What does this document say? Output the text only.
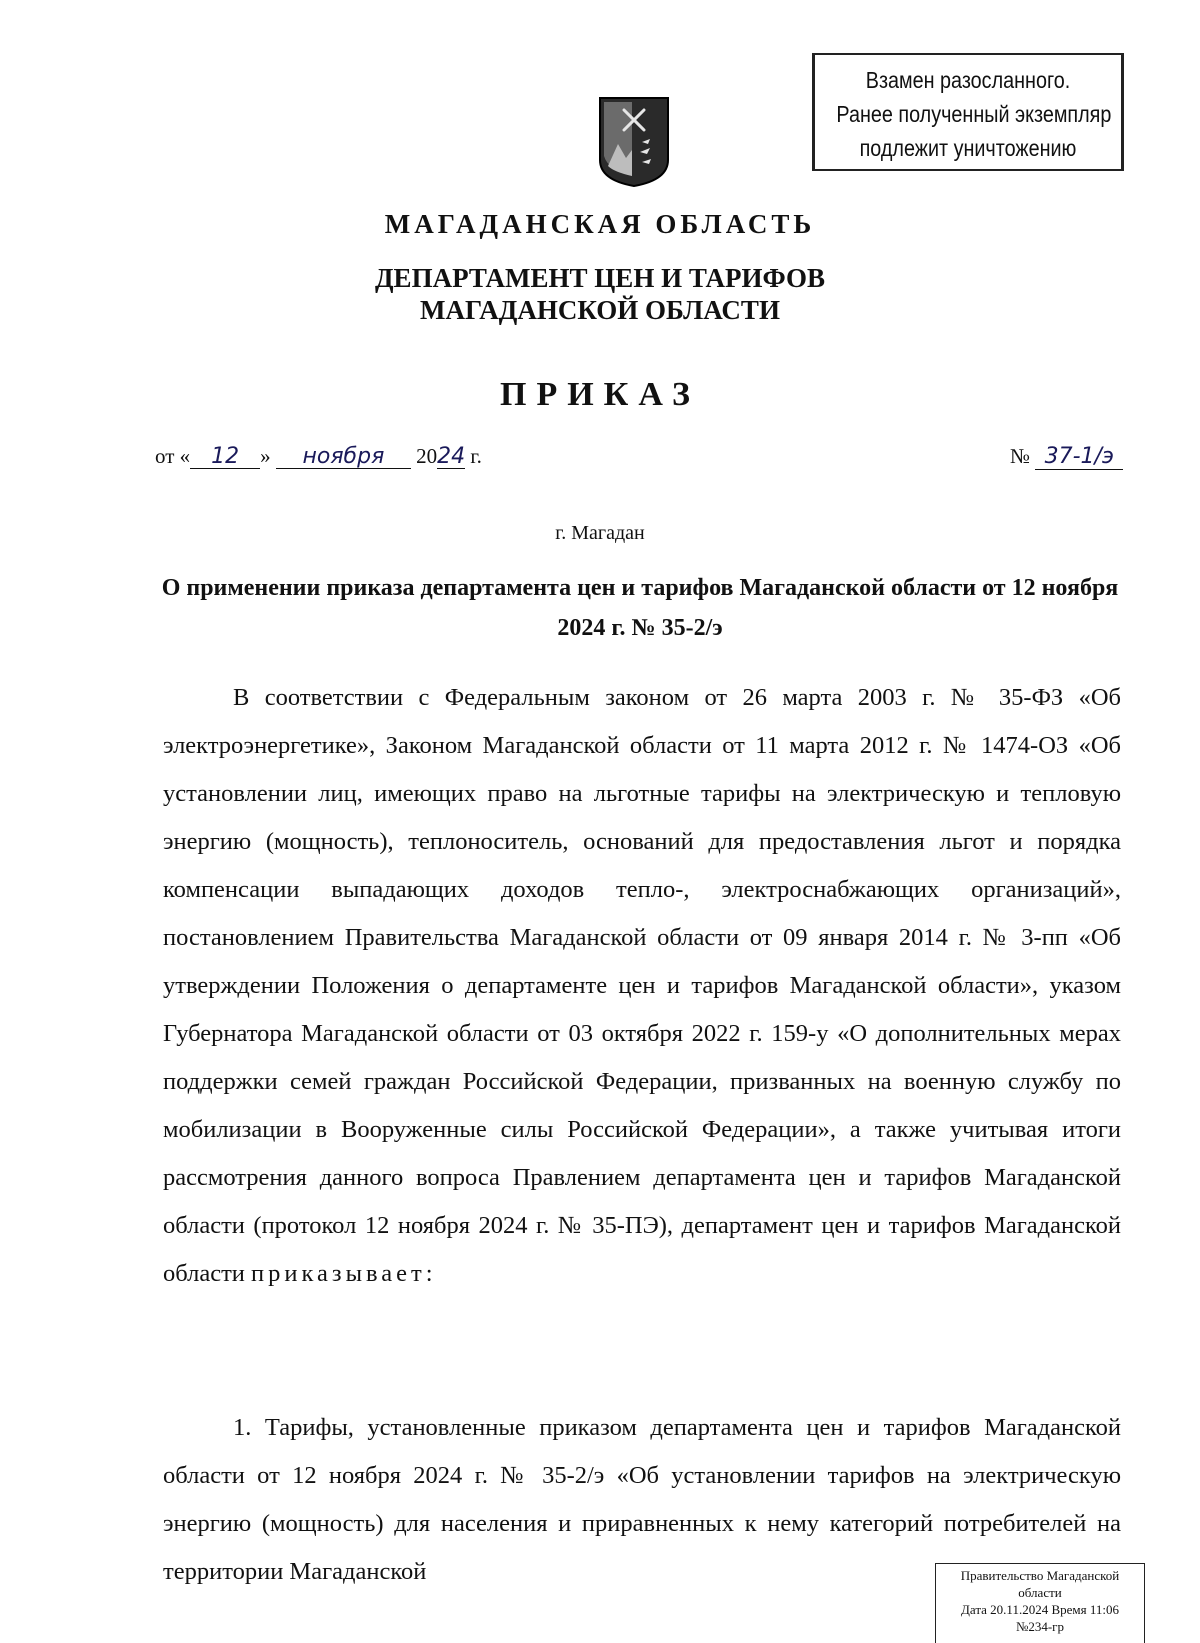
Взамен разосланного.
Ранее полученный экземпляр
подлежит уничтожению
МАГАДАНСКАЯ ОБЛАСТЬ
ДЕПАРТАМЕНТ ЦЕН И ТАРИФОВ
МАГАДАНСКОЙ ОБЛАСТИ
ПРИКАЗ
от « 12 » ноября 2024 г.	№ 37-1/э
г. Магадан
О применении приказа департамента цен и тарифов Магаданской области от 12 ноября 2024 г. № 35-2/э
В соответствии с Федеральным законом от 26 марта 2003 г. № 35-ФЗ «Об электроэнергетике», Законом Магаданской области от 11 марта 2012 г. № 1474-ОЗ «Об установлении лиц, имеющих право на льготные тарифы на электрическую и тепловую энергию (мощность), теплоноситель, оснований для предоставления льгот и порядка компенсации выпадающих доходов тепло-, электроснабжающих организаций», постановлением Правительства Магаданской области от 09 января 2014 г. № 3-пп «Об утверждении Положения о департаменте цен и тарифов Магаданской области», указом Губернатора Магаданской области от 03 октября 2022 г. 159-у «О дополнительных мерах поддержки семей граждан Российской Федерации, призванных на военную службу по мобилизации в Вооруженные силы Российской Федерации», а также учитывая итоги рассмотрения данного вопроса Правлением департамента цен и тарифов Магаданской области (протокол 12 ноября 2024 г. № 35-ПЭ), департамент цен и тарифов Магаданской области приказывает:
1. Тарифы, установленные приказом департамента цен и тарифов Магаданской области от 12 ноября 2024 г. № 35-2/э «Об установлении тарифов на электрическую энергию (мощность) для населения и приравненных к нему категорий потребителей на территории Магаданской	Правительство Магаданской
области
Дата 20.11.2024 Время 11:06
№234-гр
